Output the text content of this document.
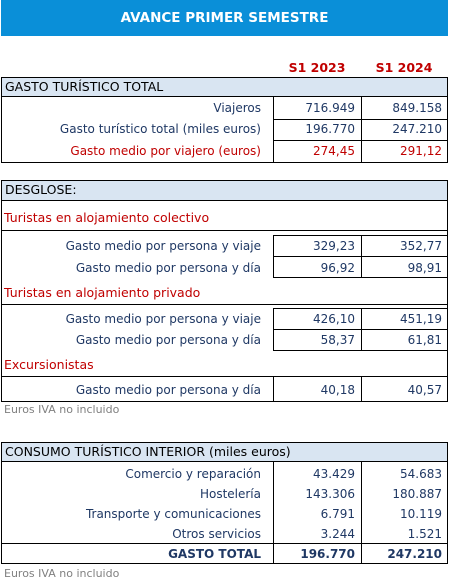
AVANCE PRIMER SEMESTRE
S1 2023	S1 2024
GASTO TURÍSTICO TOTAL
Viajeros	716.949	849.158
Gasto turístico total (miles euros)	196.770	247.210
Gasto medio por viajero (euros)	274,45	291,12
DESGLOSE:
Turistas en alojamiento colectivo
Gasto medio por persona y viaje	329,23	352,77
Gasto medio por persona y día	96,92	98,91
Turistas en alojamiento privado
Gasto medio por persona y viaje	426,10	451,19
Gasto medio por persona y día	58,37	61,81
Excursionistas
Gasto medio por persona y día	40,18	40,57
Euros IVA no incluido
CONSUMO TURÍSTICO INTERIOR (miles euros)
Comercio y reparación	43.429	54.683
Hostelería	143.306	180.887
Transporte y comunicaciones	6.791	10.119
Otros servicios	3.244	1.521
GASTO TOTAL	196.770	247.210
Euros IVA no incluido
